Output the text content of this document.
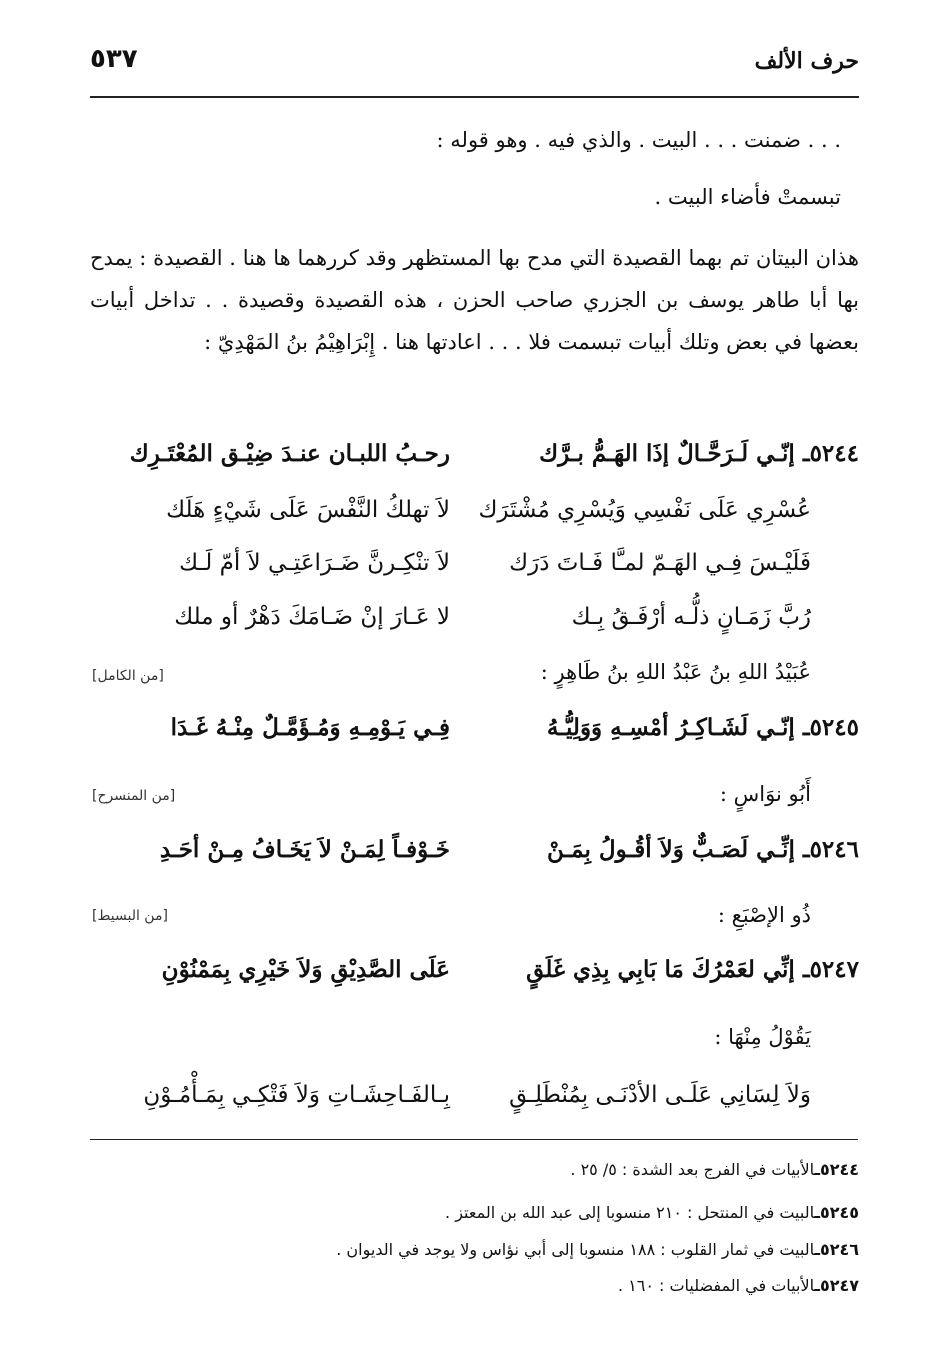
حرف الألف
٥٣٧
. . . ضمنت . . . البيت . والذي فيه . وهو قوله :
تبسمتْ فأضاء البيت .
هذان البيتان تم بهما القصيدة التي مدح بها المستظهر وقد كررهما ها هنا . القصيدة : يمدح بها أبا طاهر يوسف بن الجزري صاحب الحزن ، هذه القصيدة وقصيدة . . تداخل أبيات بعضها في بعض وتلك أبيات تبسمت فلا . . . اعادتها هنا . إِبْرَاهِيْمُ بنُ المَهْدِيّ :
٥٢٤٤ـ إنّـي لَـرَحَّـالٌ إذَا الهَـمُّ بـرَّك
رحـبُ اللبـان عنـدَ ضِيْـق المُعْتَـرِك
عُسْرِي عَلَى نَفْسِي وَيُسْرِي مُشْتَرَك
لاَ تهلكُ النَّفْسَ عَلَى شَيْءٍ هَلَك
فَلَيْـسَ فِـي الهَـمّ لمـَّا فَـاتَ دَرَك
لاَ تنْكِـرنَّ ضَـرَاعَتِـي لاَ أمّ لَـك
رُبَّ زَمَـانٍ ذلُّـه أرْفَـقُ بِـك
لا عَـارَ إنْ ضَـامَكَ دَهْرٌ أو ملك
عُبَيْدُ اللهِ بنُ عَبْدُ اللهِ بنُ طَاهِرٍ :
[من الكامل]
٥٢٤٥ـ إنّـي لَشَـاكِـرُ أمْسِـهِ وَوَلِيُّـهُ
فِـي يَـوْمِـهِ وَمُـؤَمَّـلٌ مِنْـهُ غَـدَا
أَبُو نوَاسٍ :
[من المنسرح]
٥٢٤٦ـ إنِّـي لَصَـبٌّ وَلاَ أقُـولُ بِمَـنْ
خَـوْفـاً لِمَـنْ لاَ يَخَـافُ مِـنْ أحَـدِ
ذُو الإصْبَعِ :
[من البسيط]
٥٢٤٧ـ إنِّي لعَمْرُكَ مَا بَابِي بِذِي غَلَقٍ
عَلَى الصَّدِيْقِ وَلاَ خَيْرِي بِمَمْنُوْنِ
يَقُوْلُ مِنْهَا :
وَلاَ لِسَانِي عَلَـى الأدْنَـى بِمُنْطَلِـقٍ
بِـالفَـاحِشَـاتِ وَلاَ فَتْكِـي بِمَـأْمُـوْنِ
٥٢٤٤ـالأبيات في الفرج بعد الشدة : ٥/ ٢٥ .
٥٢٤٥ـالبيت في المنتحل : ٢١٠ منسوبا إلى عبد الله بن المعتز .
٥٢٤٦ـالبيت في ثمار القلوب : ١٨٨ منسوبا إلى أبي نؤاس ولا يوجد في الديوان .
٥٢٤٧ـالأبيات في المفضليات : ١٦٠ .
